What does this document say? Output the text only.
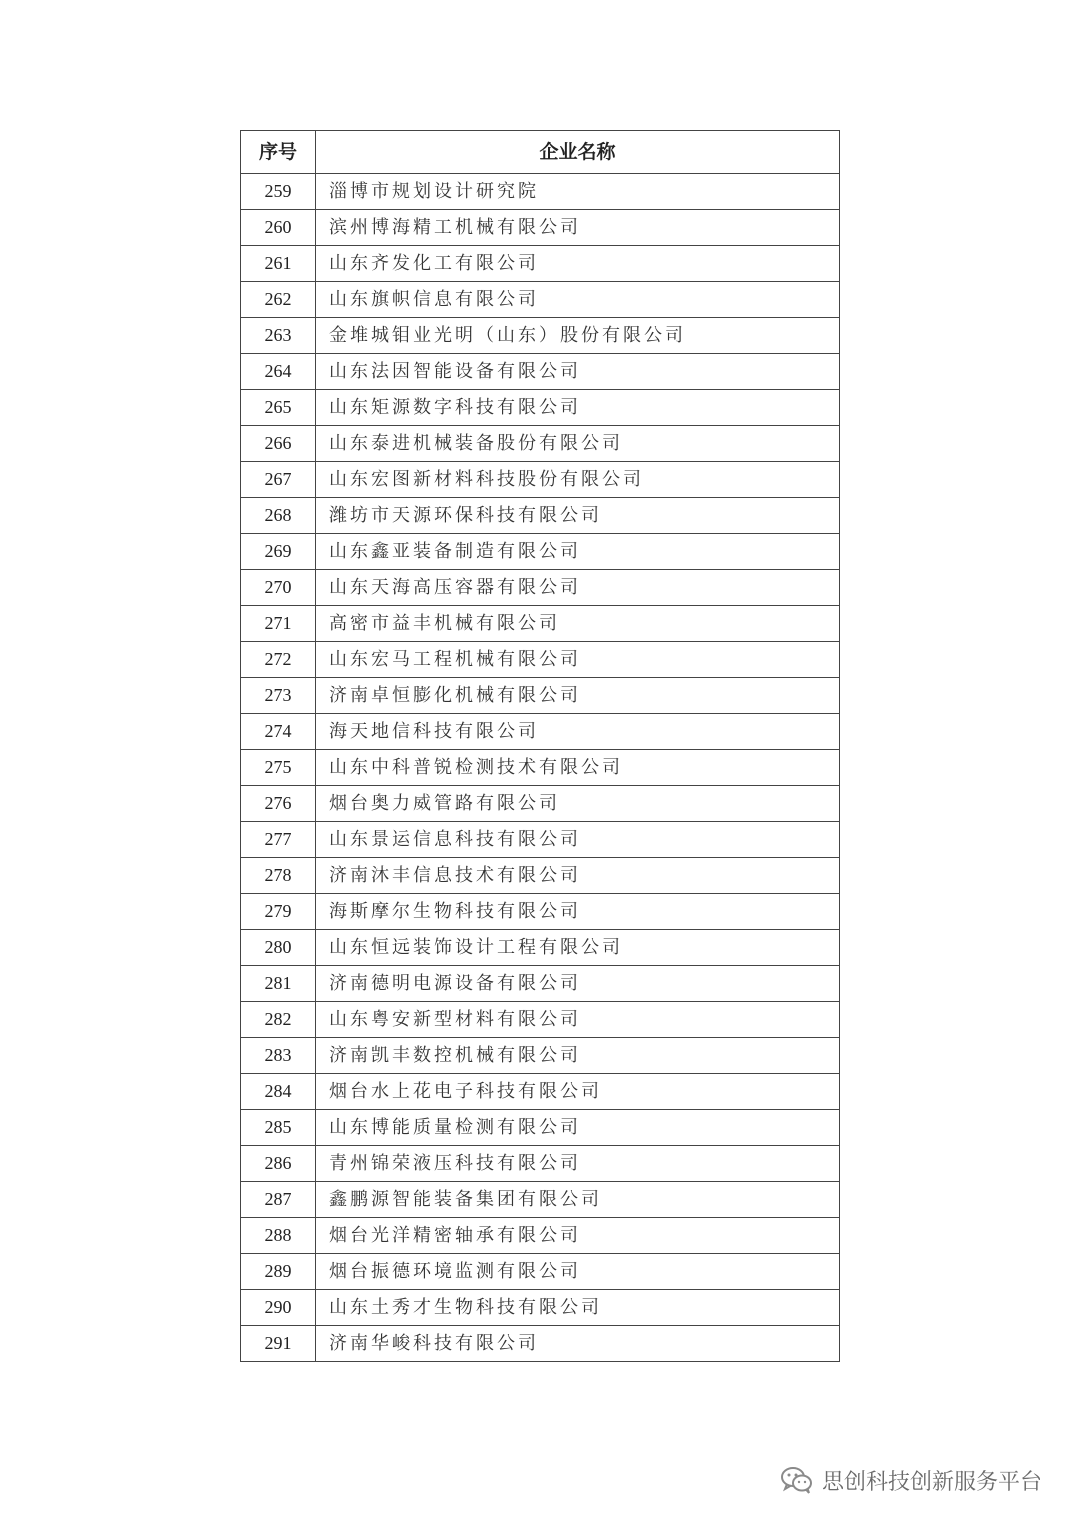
序号	企业名称
259	淄博市规划设计研究院
260	滨州博海精工机械有限公司
261	山东齐发化工有限公司
262	山东旗帜信息有限公司
263	金堆城钼业光明（山东）股份有限公司
264	山东法因智能设备有限公司
265	山东矩源数字科技有限公司
266	山东泰进机械装备股份有限公司
267	山东宏图新材料科技股份有限公司
268	潍坊市天源环保科技有限公司
269	山东鑫亚装备制造有限公司
270	山东天海高压容器有限公司
271	高密市益丰机械有限公司
272	山东宏马工程机械有限公司
273	济南卓恒膨化机械有限公司
274	海天地信科技有限公司
275	山东中科普锐检测技术有限公司
276	烟台奥力威管路有限公司
277	山东景运信息科技有限公司
278	济南沐丰信息技术有限公司
279	海斯摩尔生物科技有限公司
280	山东恒远装饰设计工程有限公司
281	济南德明电源设备有限公司
282	山东粤安新型材料有限公司
283	济南凯丰数控机械有限公司
284	烟台水上花电子科技有限公司
285	山东博能质量检测有限公司
286	青州锦荣液压科技有限公司
287	鑫鹏源智能装备集团有限公司
288	烟台光洋精密轴承有限公司
289	烟台振德环境监测有限公司
290	山东土秀才生物科技有限公司
291	济南华峻科技有限公司
思创科技创新服务平台
